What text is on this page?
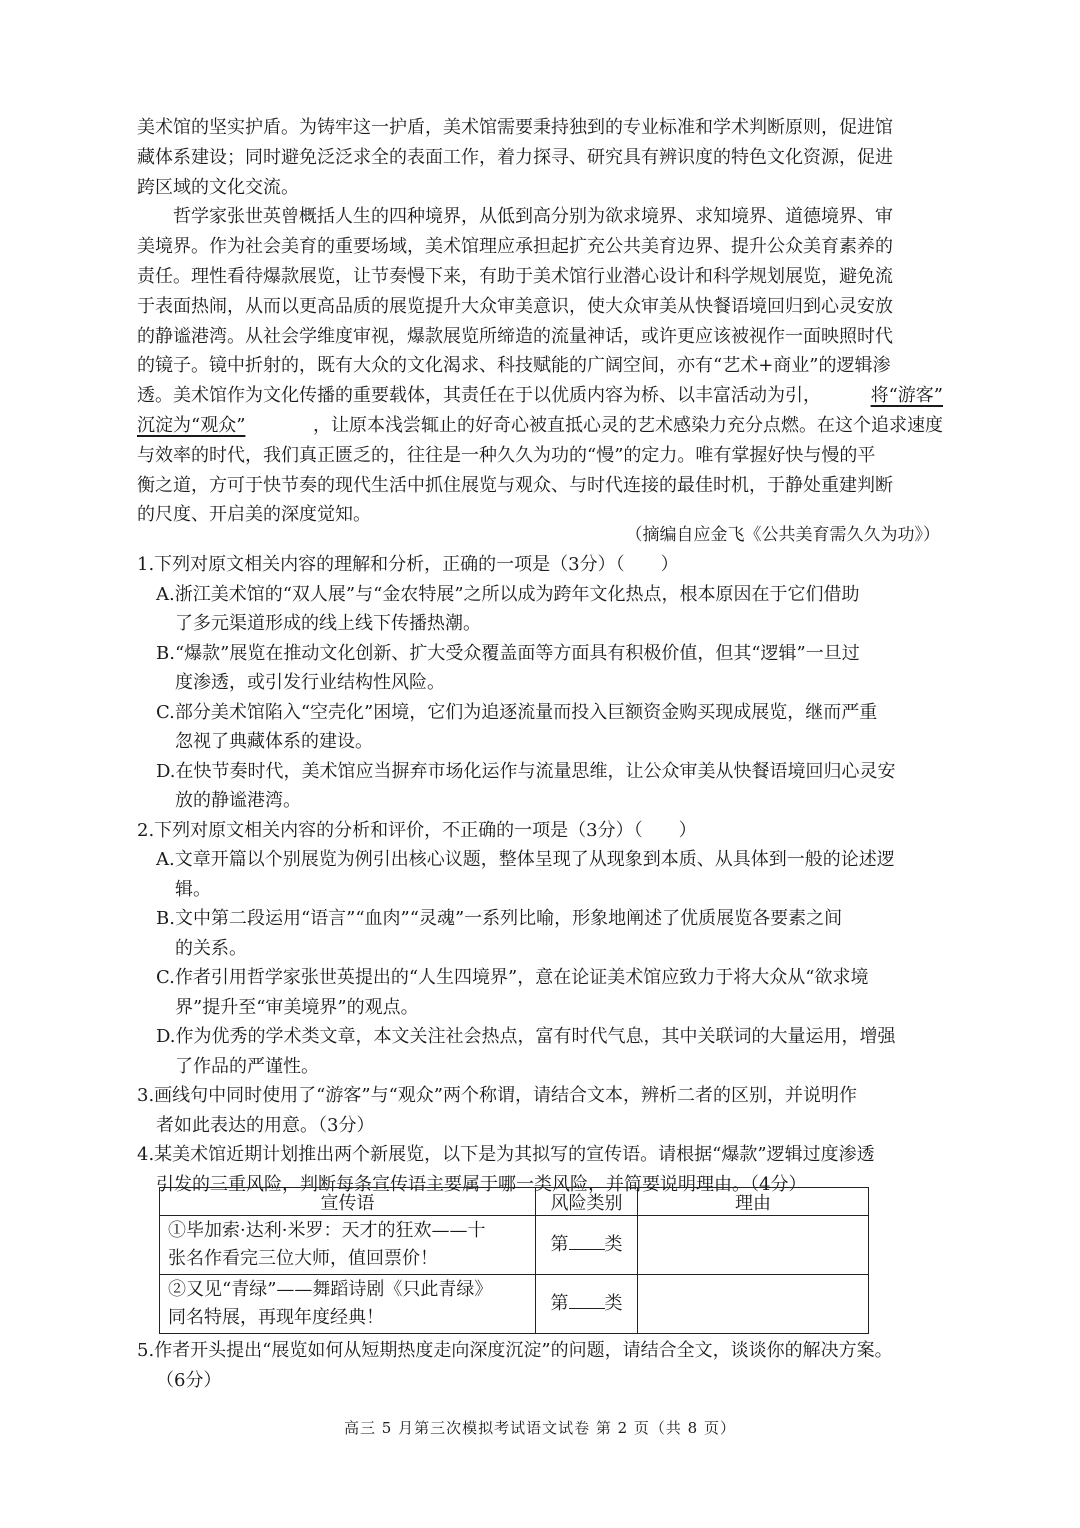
美术馆的坚实护盾。为铸牢这一护盾，美术馆需要秉持独到的专业标准和学术判断原则，促进馆
藏体系建设；同时避免泛泛求全的表面工作，着力探寻、研究具有辨识度的特色文化资源，促进
跨区域的文化交流。
　　哲学家张世英曾概括人生的四种境界，从低到高分别为欲求境界、求知境界、道德境界、审
美境界。作为社会美育的重要场域，美术馆理应承担起扩充公共美育边界、提升公众美育素养的
责任。理性看待爆款展览，让节奏慢下来，有助于美术馆行业潜心设计和科学规划展览，避免流
于表面热闹，从而以更高品质的展览提升大众审美意识，使大众审美从快餐语境回归到心灵安放
的静谧港湾。从社会学维度审视，爆款展览所缔造的流量神话，或许更应该被视作一面映照时代
的镜子。镜中折射的，既有大众的文化渴求、科技赋能的广阔空间，亦有“艺术+商业”的逻辑渗
透。美术馆作为文化传播的重要载体，其责任在于以优质内容为桥、以丰富活动为引，	将“游客”
沉淀为“观众”	，让原本浅尝辄止的好奇心被直抵心灵的艺术感染力充分点燃。在这个追求速度
与效率的时代，我们真正匮乏的，往往是一种久久为功的“慢”的定力。唯有掌握好快与慢的平
衡之道，方可于快节奏的现代生活中抓住展览与观众、与时代连接的最佳时机，于静处重建判断
的尺度、开启美的深度觉知。
（摘编自应金飞《公共美育需久久为功》）
1.下列对原文相关内容的理解和分析，正确的一项是（3分）（　　）
A.浙江美术馆的“双人展”与“金农特展”之所以成为跨年文化热点，根本原因在于它们借助
了多元渠道形成的线上线下传播热潮。
B.“爆款”展览在推动文化创新、扩大受众覆盖面等方面具有积极价值，但其“逻辑”一旦过
度渗透，或引发行业结构性风险。
C.部分美术馆陷入“空壳化”困境，它们为追逐流量而投入巨额资金购买现成展览，继而严重
忽视了典藏体系的建设。
D.在快节奏时代，美术馆应当摒弃市场化运作与流量思维，让公众审美从快餐语境回归心灵安
放的静谧港湾。
2.下列对原文相关内容的分析和评价，不正确的一项是（3分）（　　）
A.文章开篇以个别展览为例引出核心议题，整体呈现了从现象到本质、从具体到一般的论述逻
辑。
B.文中第二段运用“语言”“血肉”“灵魂”一系列比喻，形象地阐述了优质展览各要素之间
的关系。
C.作者引用哲学家张世英提出的“人生四境界”，意在论证美术馆应致力于将大众从“欲求境
界”提升至“审美境界”的观点。
D.作为优秀的学术类文章，本文关注社会热点，富有时代气息，其中关联词的大量运用，增强
了作品的严谨性。
3.画线句中同时使用了“游客”与“观众”两个称谓，请结合文本，辨析二者的区别，并说明作
者如此表达的用意。（3分）
4.某美术馆近期计划推出两个新展览，以下是为其拟写的宣传语。请根据“爆款”逻辑过度渗透
引发的三重风险，判断每条宣传语主要属于哪一类风险，并简要说明理由。（4分）
宣传语	风险类别	理由

①毕加索·达利·米罗：天才的狂欢——十
张名作看完三位大师，值回票价！	第 类	

②又见“青绿”——舞蹈诗剧《只此青绿》
同名特展，再现年度经典！	第 类	
5.作者开头提出“展览如何从短期热度走向深度沉淀”的问题，请结合全文，谈谈你的解决方案。
（6分）
高三 5 月第三次模拟考试语文试卷 第 2 页（共 8 页）
